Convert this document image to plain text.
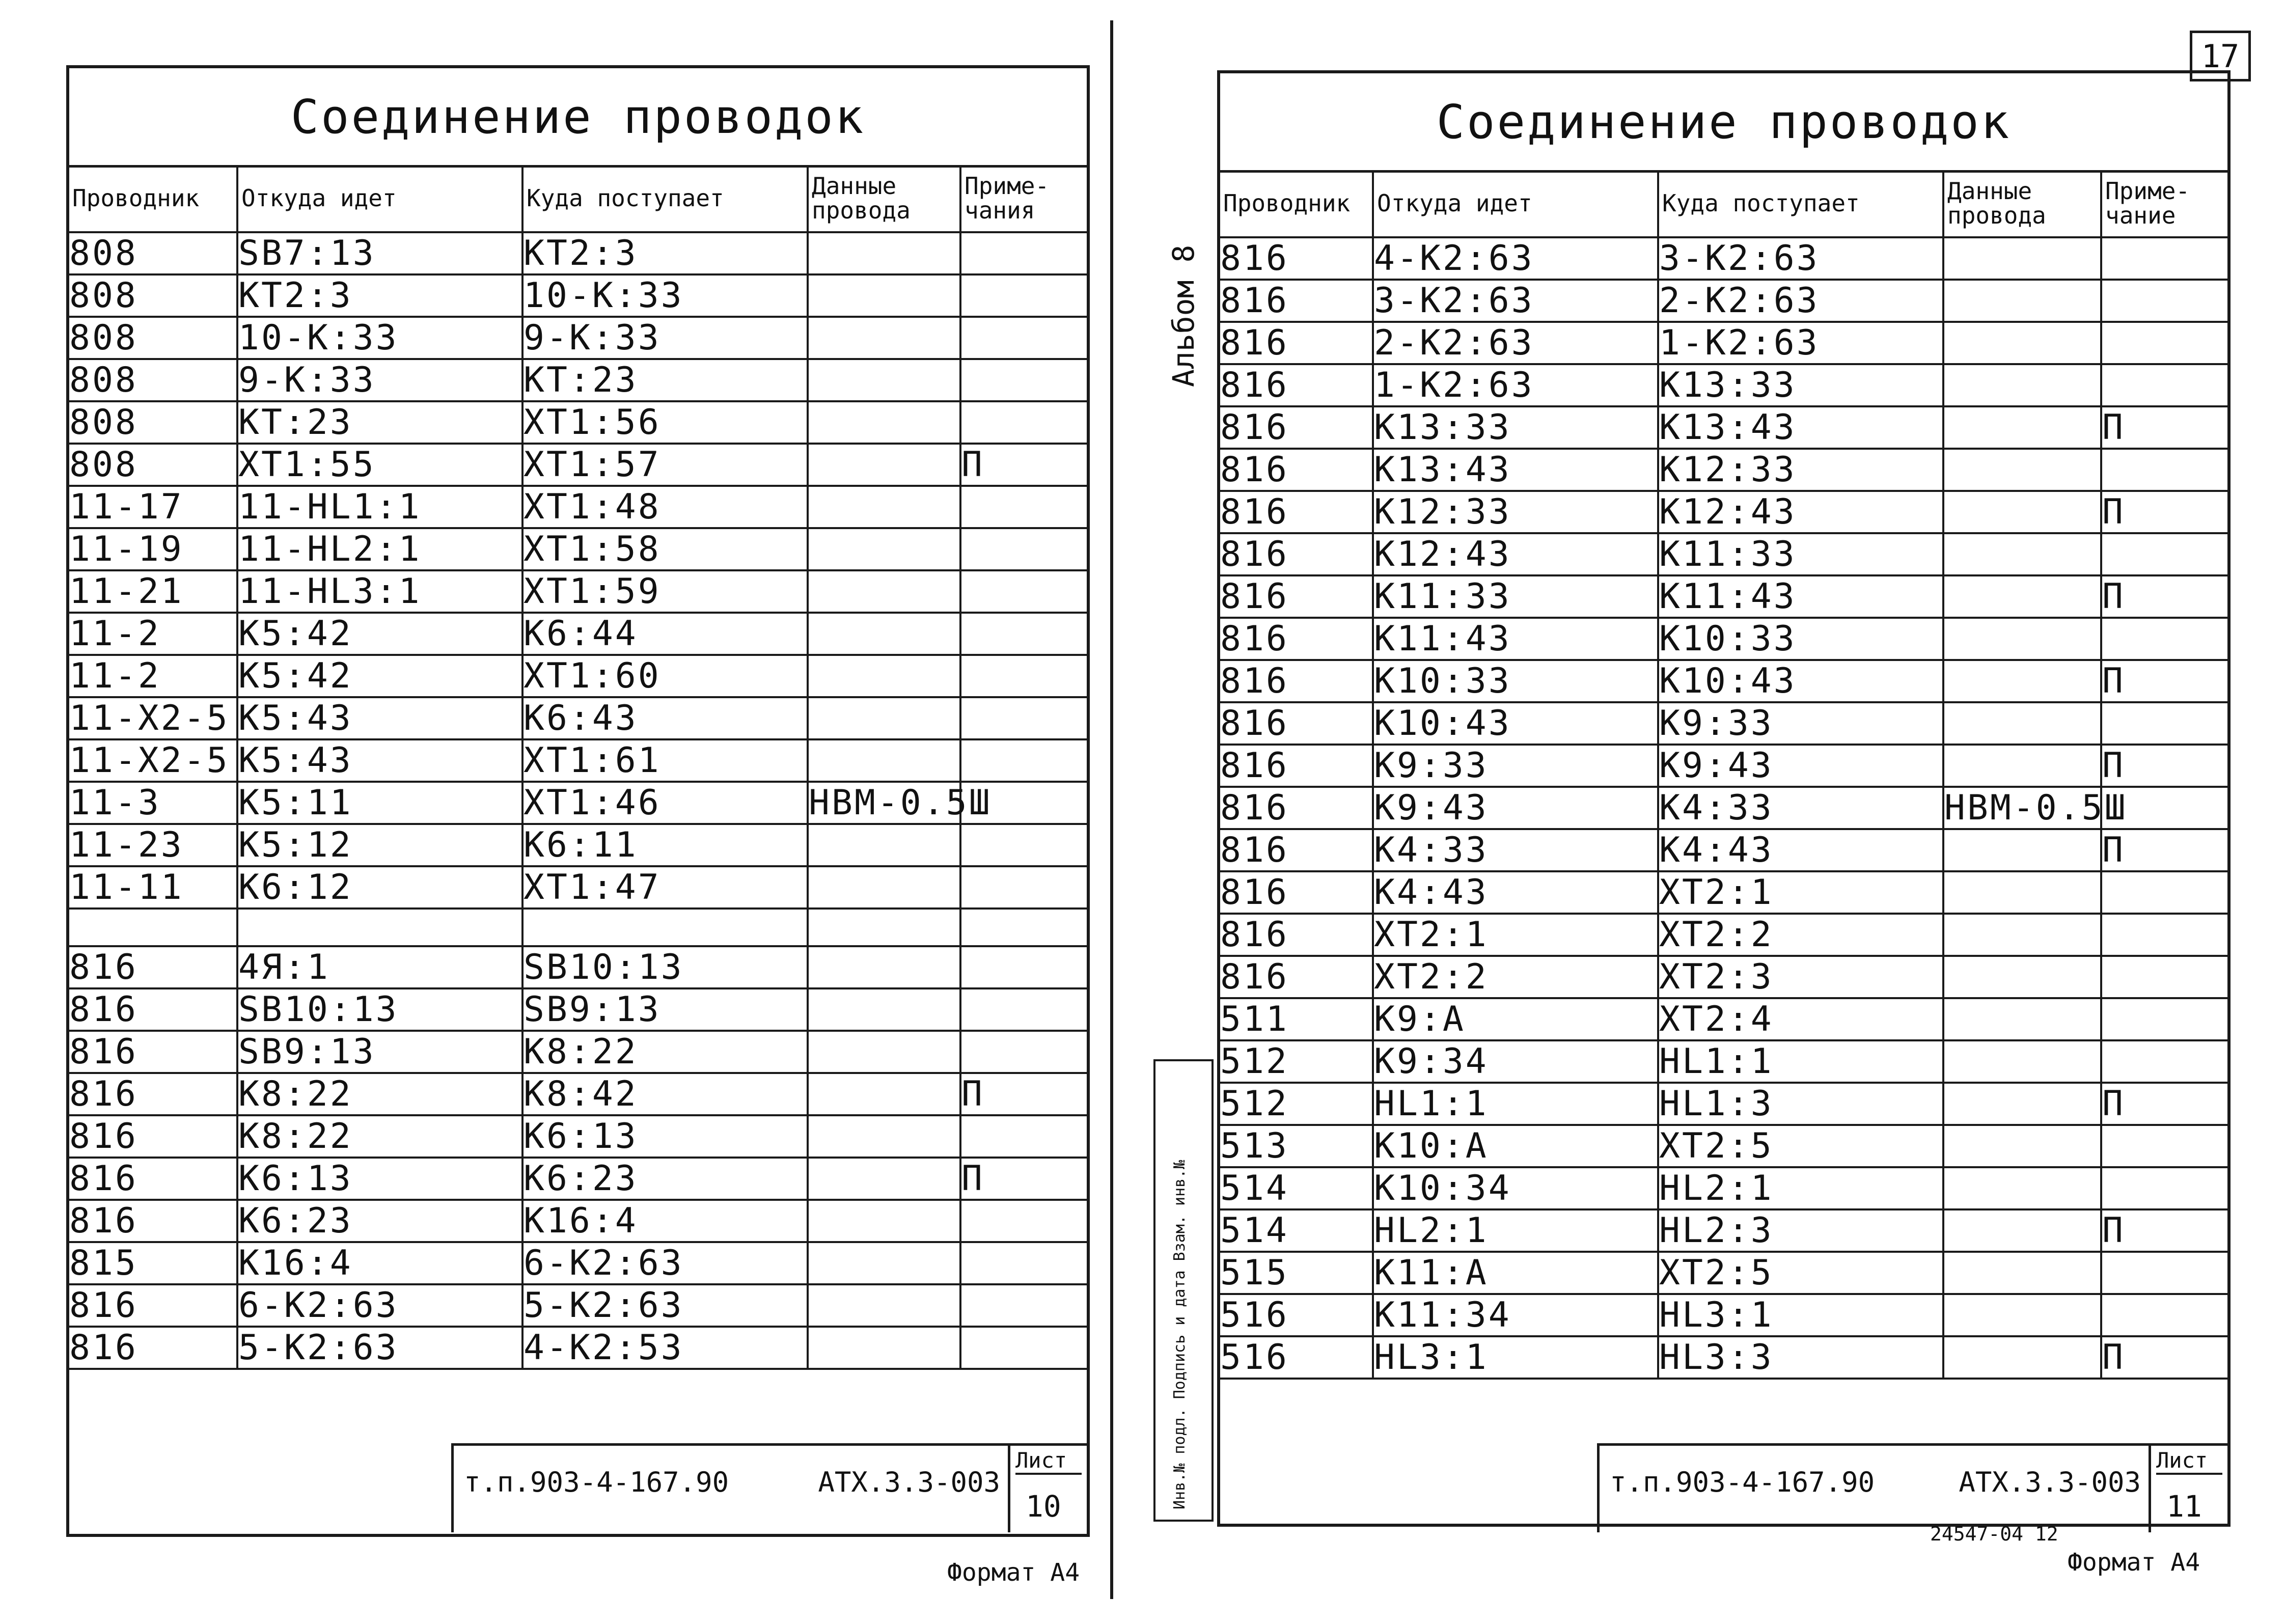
Соединение проводок
Проводник	Откуда идет	Куда поступает	Данные провода	Приме-чания
808	SB7:13	KT2:3		
808	KT2:3	10-K:33		
808	10-K:33	9-K:33		
808	9-K:33	KT:23		
808	KT:23	XT1:56		
808	XT1:55	XT1:57		П
11-17	11-HL1:1	XT1:48		
11-19	11-HL2:1	XT1:58		
11-21	11-HL3:1	XT1:59		
11-2	K5:42	K6:44		
11-2	K5:42	XT1:60		
11-X2-5	K5:43	K6:43		
11-X2-5	K5:43	XT1:61		
11-3	K5:11	XT1:46	НВМ-0.5Ш	
11-23	K5:12	K6:11		
11-11	K6:12	XT1:47		

816	4Я:1	SB10:13		
816	SB10:13	SB9:13		
816	SB9:13	K8:22		
816	K8:22	K8:42		П
816	K8:22	K6:13		
816	K6:13	K6:23		П
816	K6:23	K16:4		
815	K16:4	6-K2:63		
816	6-K2:63	5-K2:63		
816	5-K2:63	4-K2:53		
т.п.903-4-167.90	АТХ.3.3-003
Лист
10
Формат А4
17
Альбом 8
Инв.№ подл. Подпись и дата Взам. инв.№
Соединение проводок
Проводник	Откуда идет	Куда поступает	Данные провода	Приме-чание
816	4-K2:63	3-K2:63		
816	3-K2:63	2-K2:63		
816	2-K2:63	1-K2:63		
816	1-K2:63	K13:33		
816	K13:33	K13:43		П
816	K13:43	K12:33		
816	K12:33	K12:43		П
816	K12:43	K11:33		
816	K11:33	K11:43		П
816	K11:43	K10:33		
816	K10:33	K10:43		П
816	K10:43	K9:33		
816	K9:33	K9:43		П
816	K9:43	K4:33	НВМ-0.5Ш	
816	K4:33	K4:43		П
816	K4:43	XT2:1		
816	XT2:1	XT2:2		
816	XT2:2	XT2:3		
511	K9:A	XT2:4		
512	K9:34	HL1:1		
512	HL1:1	HL1:3		П
513	K10:A	XT2:5		
514	K10:34	HL2:1		
514	HL2:1	HL2:3		П
515	K11:A	XT2:5		
516	K11:34	HL3:1		
516	HL3:1	HL3:3		П
т.п.903-4-167.90	АТХ.3.3-003
Лист
11
24547-04 12
Формат А4
